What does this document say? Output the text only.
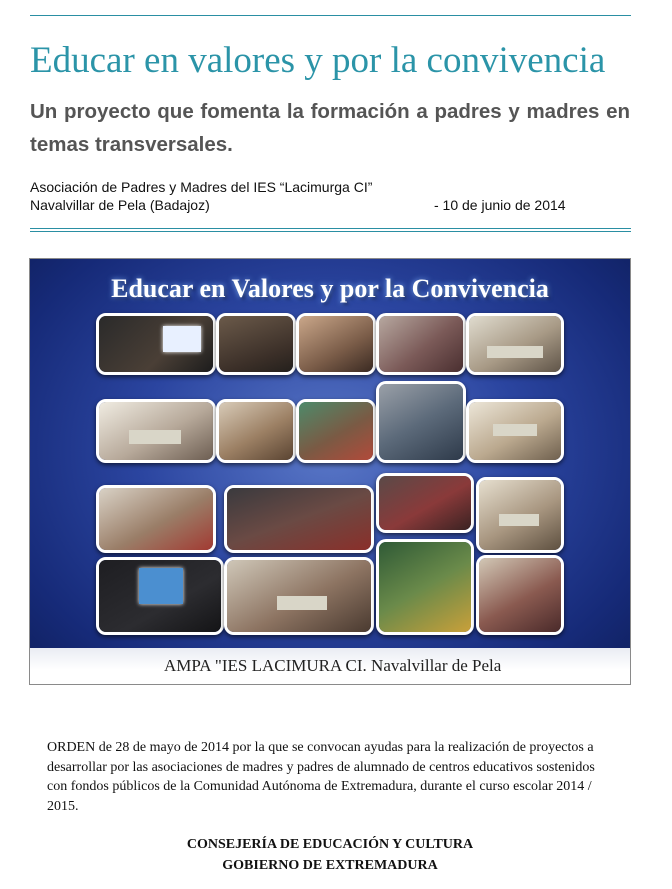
Educar en valores y por la convivencia
Un proyecto que fomenta la formación a padres y madres en temas transversales.
Asociación de Padres y Madres del IES “Lacimurga CI”
Navalvillar de Pela (Badajoz)	- 10 de junio de 2014
Educar en Valores y por la Convivencia
AMPA "IES LACIMURA CI. Navalvillar de Pela
ORDEN de 28 de mayo de 2014 por la que se convocan ayudas para la realización de proyectos a desarrollar por las asociaciones de madres y padres de alumnado de centros educativos sostenidos con fondos públicos de la Comunidad Autónoma de Extremadura, durante el curso escolar 2014 / 2015.
CONSEJERÍA DE EDUCACIÓN Y CULTURA
GOBIERNO DE EXTREMADURA
